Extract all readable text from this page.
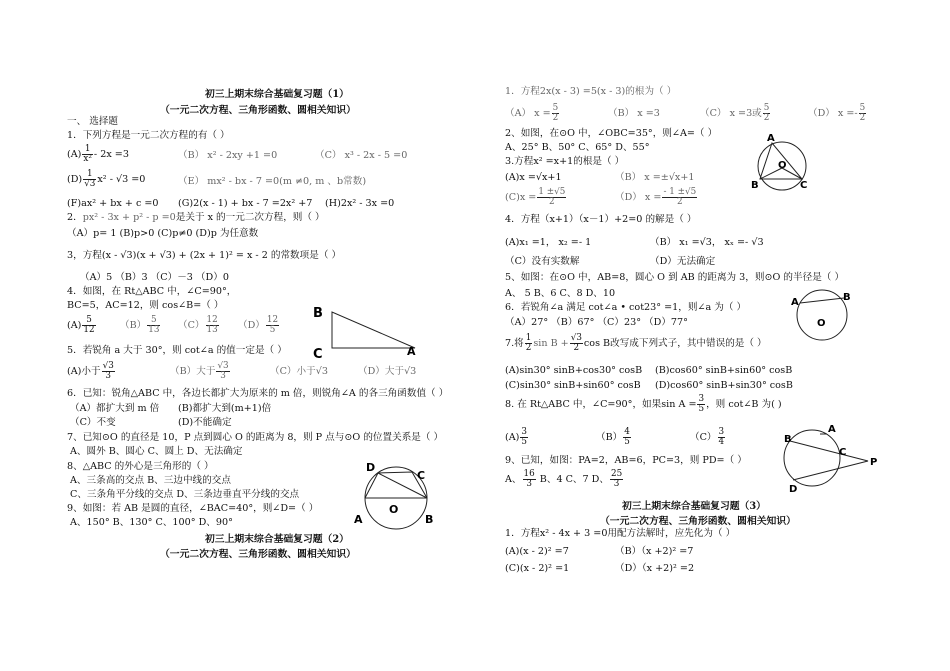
初三上期末综合基础复习题（1）
（一元二次方程、三角形函数、圆相关知识）
一、 选择题
1．下列方程是一元二次方程的有（ ）
$(A) \frac{1}{\text{x²}} - 2x =3$	（B） x² - 2xy +1 =0	（C） x³ - 2x - 5 =0
$(D) \frac{1}{√3} x^2 - √3 =0$	（E） mx² - bx - 7 =0(m ≠0, m 、b常数)
(F)ax² + bx + c =0 (G)2(x - 1) + bx - 7 =2x² +7 (H)2x² - 3x =0
2．px² - 3x + p² - p =0是关于 x 的一元二次方程，则（ ）
（A）p= 1 (B)p>0 (C)p≠0 (D)p 为任意数
3，方程(x - √3)(x + √3) + (2x + 1)² = x - 2 的常数项是（ ）
（A）5 （B）3 （C）－3 （D）0
4．如图，在 Rt△ABC 中，∠C=90°，
BC=5，AC=12，则 cos∠B=（ ）
$(A) \frac{5}{12}$	$(B) \frac{5}{13} (C) \frac{12}{13} (D) \frac{12}{5}$
5．若锐角 a 大于 30°，则 cot∠a 的值一定是（ ）
(A)小于 $\frac{√3}{3}$	（B）大于 $\frac{√3}{3}$	（C）小于√3	（D）大于√3
6．已知：锐角△ABC 中，各边长都扩大为原来的 m 倍，则锐角∠A 的各三角函数值（ ）
（A）都扩大到 m 倍 (B)都扩大到(m+1)倍
（C）不变	(D)不能确定
7、已知⊙O 的直径是 10，P 点到圆心 O 的距离为 8，则 P 点与⊙O 的位置关系是（ ）
A、圆外 B、圆心 C、圆上 D、无法确定
8、△ABC 的外心是三角形的（ ）
A、三条高的交点 B、三边中线的交点
C、三条角平分线的交点 D、三条边垂直平分线的交点
9、如图：若 AB 是圆的直径，∠BAC=40°，则∠D=（ ）
A、150° B、130° C、100° D、90°
初三上期末综合基础复习题（2）
（一元二次方程、三角形函数、圆相关知识）
B
C	A
D
C
O
A	B
1．方程2x(x - 3) =5(x - 3)的根为（ ）
（A） $x = \frac{5}{2}$	（B） x =3	（C） x =3或 $\frac{5}{2}$	（D） $x =- \frac{5}{2}$
2、如图，在⊙O 中，∠OBC=35°，则∠A=（ ）
A、25° B、50° C、65° D、55°
3.方程x² =x+1的根是（ ）
(A)x =√x+1	（B） x =±√x+1
$(C)x = \frac{1 \pm√5}{2}$	（D） $x = \frac{- 1 \pm√5}{2}$
4．方程（x+1）（x－1）+2=0 的解是（ ）
(A)x₁ =1， x₂ =- 1	（B） x₁ =√3， xₓ =- √3
（C）没有实数解	（D）无法确定
5、如图：在⊙O 中，AB=8，圆心 O 到 AB 的距离为 3，则⊙O 的半径是（ ）
A、 5 B、6 C、8 D、10
6．若锐角∠a 满足 cot∠a • cot23° =1，则∠a 为（ ）
（A）27° （B）67° （C）23° （D）77°
7.将 $\frac{1}{2}$ $\sin B + \frac{√3}{2}$ cos B改写成下列式子，其中错误的是（ ）
(A)sin30° sinB+cos30° cosB (B)cos60° sinB+sin60° cosB
(C)sin30° sinB+sin60° cosB (D)cos60° sinB+sin30° cosB
8. 在 Rt△ABC 中，∠C=90°，如果$\sin A = \frac{3}{5}$ ，则 cot∠B 为( )
$(A) \frac{3}{5}$	$(B) \frac{4}{5}$	$(C) \frac{3}{4}$
9、已知，如图：PA=2，AB=6，PC=3，则 PD=（ ）
A、 $\frac{16}{3}$ B、4 C、7 D、 $\frac{25}{3}$
初三上期末综合基础复习题（3）
（一元二次方程、三角形函数、圆相关知识）
1．方程x² - 4x + 3 =0用配方法解时，应先化为（ ）
(A)(x - 2)² =7	（B）（x +2)² =7
(C)(x - 2)² =1	（D）（x +2)² =2
A
O
B	C
A	B
O
B
A
C
P
D
